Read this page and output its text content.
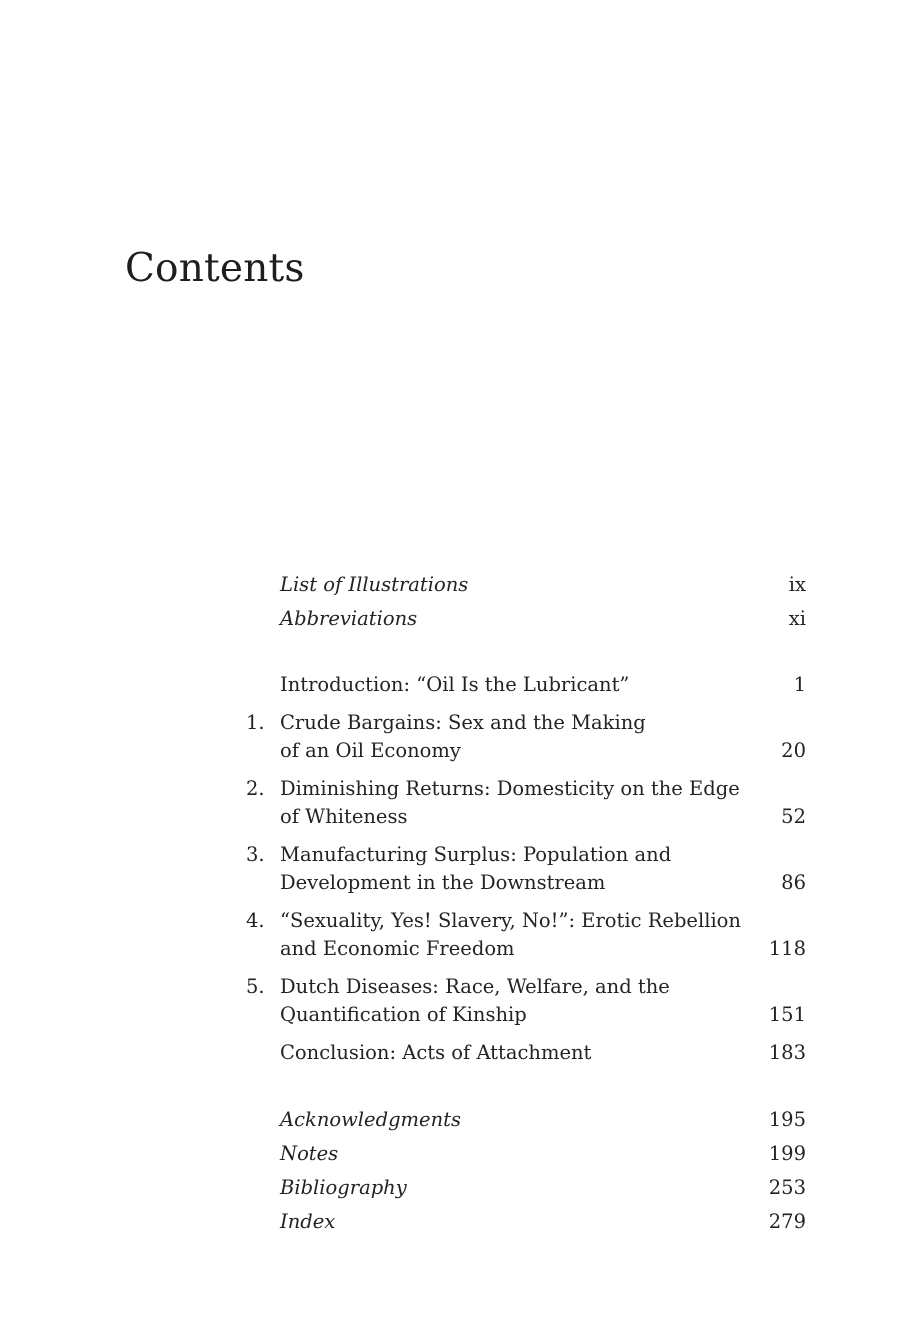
Contents
List of Illustrations	ix
Abbreviations	xi
Introduction: “Oil Is the Lubricant”	1
1. Crude Bargains: Sex and the Making
of an Oil Economy	20
2. Diminishing Returns: Domesticity on the Edge
of Whiteness	52
3. Manufacturing Surplus: Population and
Development in the Downstream	86
4. “Sexuality, Yes! Slavery, No!”: Erotic Rebellion
and Economic Freedom	118
5. Dutch Diseases: Race, Welfare, and the
Quantification of Kinship	151
Conclusion: Acts of Attachment	183
Acknowledgments	195
Notes	199
Bibliography	253
Index	279
